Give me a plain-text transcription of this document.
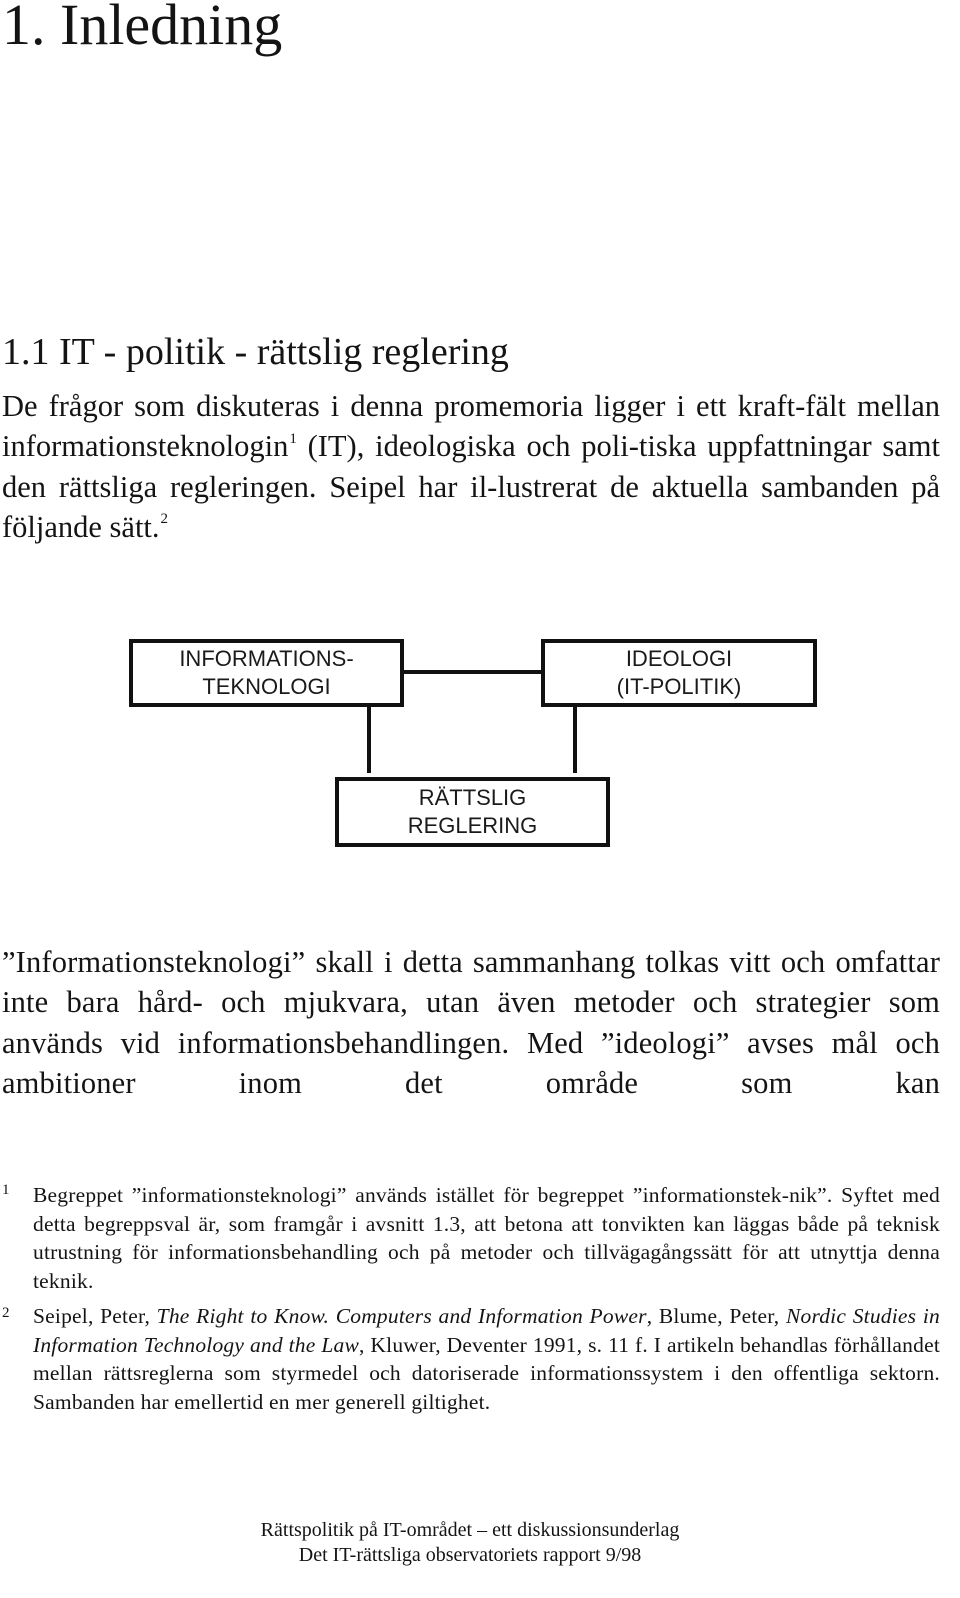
1. Inledning
1.1 IT - politik - rättslig reglering

De frågor som diskuteras i denna promemoria ligger i ett kraft-fält mellan informationsteknologin$^1$ (IT), ideologiska och poli-tiska uppfattningar samt den rättsliga regleringen. Seipel har il-lustrerat de aktuella sambanden på följande sätt.$^2$

INFORMATIONS-
TEKNOLOGI
IDEOLOGI
(IT-POLITIK)
RÄTTSLIG
REGLERING

”Informationsteknologi” skall i detta sammanhang tolkas vitt och omfattar inte bara hård- och mjukvara, utan även metoder och strategier som används vid informationsbehandlingen. Med ”ideologi” avses mål och ambitioner inom det område som kan

1 Begreppet ”informationsteknologi” används istället för begreppet ”informationstek-nik”. Syftet med detta begreppsval är, som framgår i avsnitt 1.3, att betona att tonvikten kan läggas både på teknisk utrustning för informationsbehandling och på metoder och tillvägagångssätt för att utnyttja denna teknik.

2 Seipel, Peter, The Right to Know. Computers and Information Power, Blume, Peter, Nordic Studies in Information Technology and the Law, Kluwer, Deventer 1991, s. 11 f. I artikeln behandlas förhållandet mellan rättsreglerna som styrmedel och datoriserade informationssystem i den offentliga sektorn. Sambanden har emellertid en mer generell giltighet.

Rättspolitik på IT-området – ett diskussionsunderlag
Det IT-rättsliga observatoriets rapport 9/98
